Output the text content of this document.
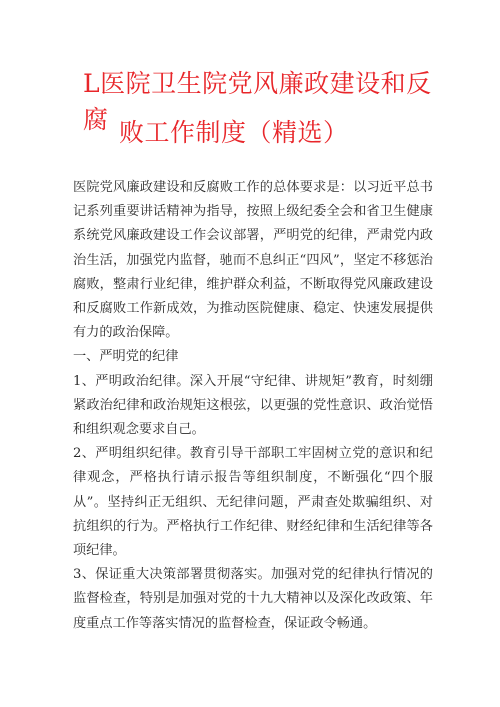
L医院卫生院党风廉政建设和反腐 败工作制度（精选）

医院党风廉政建设和反腐败工作的总体要求是：以习近平总书记系列重要讲话精神为指导，按照上级纪委全会和省卫生健康系统党风廉政建设工作会议部署，严明党的纪律，严肃党内政治生活，加强党内监督，驰而不息纠正“四风”，坚定不移惩治腐败，整肃行业纪律，维护群众利益，不断取得党风廉政建设和反腐败工作新成效，为推动医院健康、稳定、快速发展提供有力的政治保障。

一、严明党的纪律

1、严明政治纪律。深入开展“守纪律、讲规矩”教育，时刻绷紧政治纪律和政治规矩这根弦，以更强的党性意识、政治觉悟和组织观念要求自己。

2、严明组织纪律。教育引导干部职工牢固树立党的意识和纪律观念，严格执行请示报告等组织制度，不断强化“四个服从”。坚持纠正无组织、无纪律问题，严肃查处欺骗组织、对抗组织的行为。严格执行工作纪律、财经纪律和生活纪律等各项纪律。

3、保证重大决策部署贯彻落实。加强对党的纪律执行情况的监督检查，特别是加强对党的十九大精神以及深化改政策、年度重点工作等落实情况的监督检查，保证政令畅通。
